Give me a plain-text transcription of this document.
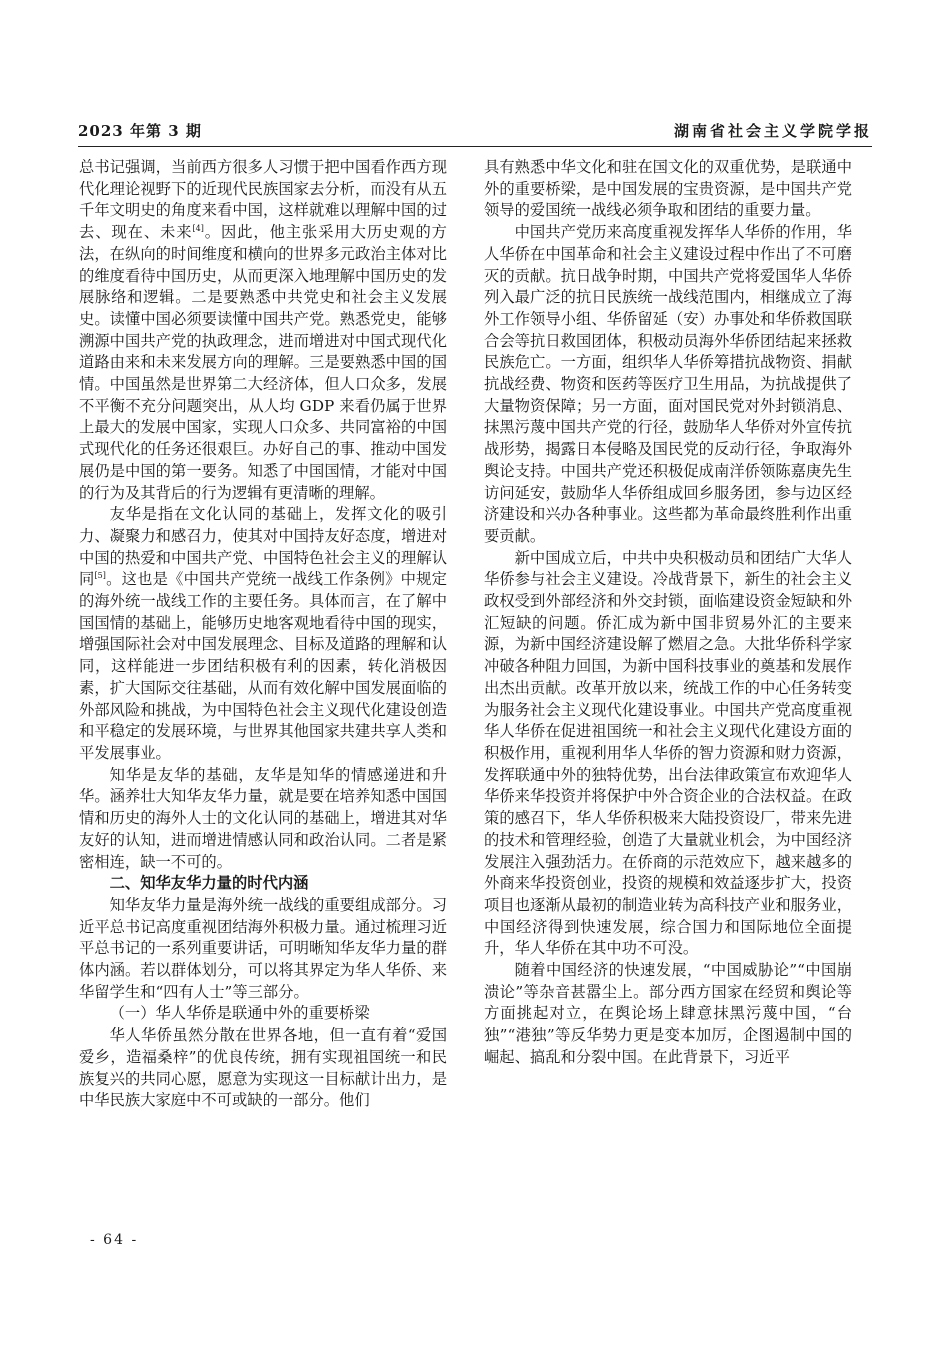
2023 年第 3 期	湖南省社会主义学院学报

总书记强调，当前西方很多人习惯于把中国看作西方现代化理论视野下的近现代民族国家去分析，而没有从五千年文明史的角度来看中国，这样就难以理解中国的过去、现在、未来[4]。因此，他主张采用大历史观的方法，在纵向的时间维度和横向的世界多元政治主体对比的维度看待中国历史，从而更深入地理解中国历史的发展脉络和逻辑。二是要熟悉中共党史和社会主义发展史。读懂中国必须要读懂中国共产党。熟悉党史，能够溯源中国共产党的执政理念，进而增进对中国式现代化道路由来和未来发展方向的理解。三是要熟悉中国的国情。中国虽然是世界第二大经济体，但人口众多，发展不平衡不充分问题突出，从人均 GDP 来看仍属于世界上最大的发展中国家，实现人口众多、共同富裕的中国式现代化的任务还很艰巨。办好自己的事、推动中国发展仍是中国的第一要务。知悉了中国国情，才能对中国的行为及其背后的行为逻辑有更清晰的理解。

友华是指在文化认同的基础上，发挥文化的吸引力、凝聚力和感召力，使其对中国持友好态度，增进对中国的热爱和中国共产党、中国特色社会主义的理解认同[5]。这也是《中国共产党统一战线工作条例》中规定的海外统一战线工作的主要任务。具体而言，在了解中国国情的基础上，能够历史地客观地看待中国的现实，增强国际社会对中国发展理念、目标及道路的理解和认同，这样能进一步团结积极有利的因素，转化消极因素，扩大国际交往基础，从而有效化解中国发展面临的外部风险和挑战，为中国特色社会主义现代化建设创造和平稳定的发展环境，与世界其他国家共建共享人类和平发展事业。

知华是友华的基础，友华是知华的情感递进和升华。涵养壮大知华友华力量，就是要在培养知悉中国国情和历史的海外人士的文化认同的基础上，增进其对华友好的认知，进而增进情感认同和政治认同。二者是紧密相连，缺一不可的。

二、知华友华力量的时代内涵

知华友华力量是海外统一战线的重要组成部分。习近平总书记高度重视团结海外积极力量。通过梳理习近平总书记的一系列重要讲话，可明晰知华友华力量的群体内涵。若以群体划分，可以将其界定为华人华侨、来华留学生和“四有人士”等三部分。

（一）华人华侨是联通中外的重要桥梁

华人华侨虽然分散在世界各地，但一直有着“爱国爱乡，造福桑梓”的优良传统，拥有实现祖国统一和民族复兴的共同心愿，愿意为实现这一目标献计出力，是中华民族大家庭中不可或缺的一部分。他们

具有熟悉中华文化和驻在国文化的双重优势，是联通中外的重要桥梁，是中国发展的宝贵资源，是中国共产党领导的爱国统一战线必须争取和团结的重要力量。

中国共产党历来高度重视发挥华人华侨的作用，华人华侨在中国革命和社会主义建设过程中作出了不可磨灭的贡献。抗日战争时期，中国共产党将爱国华人华侨列入最广泛的抗日民族统一战线范围内，相继成立了海外工作领导小组、华侨留延（安）办事处和华侨救国联合会等抗日救国团体，积极动员海外华侨团结起来拯救民族危亡。一方面，组织华人华侨筹措抗战物资、捐献抗战经费、物资和医药等医疗卫生用品，为抗战提供了大量物资保障；另一方面，面对国民党对外封锁消息、抹黑污蔑中国共产党的行径，鼓励华人华侨对外宣传抗战形势，揭露日本侵略及国民党的反动行径，争取海外舆论支持。中国共产党还积极促成南洋侨领陈嘉庚先生访问延安，鼓励华人华侨组成回乡服务团，参与边区经济建设和兴办各种事业。这些都为革命最终胜利作出重要贡献。

新中国成立后，中共中央积极动员和团结广大华人华侨参与社会主义建设。冷战背景下，新生的社会主义政权受到外部经济和外交封锁，面临建设资金短缺和外汇短缺的问题。侨汇成为新中国非贸易外汇的主要来源，为新中国经济建设解了燃眉之急。大批华侨科学家冲破各种阻力回国，为新中国科技事业的奠基和发展作出杰出贡献。改革开放以来，统战工作的中心任务转变为服务社会主义现代化建设事业。中国共产党高度重视华人华侨在促进祖国统一和社会主义现代化建设方面的积极作用，重视利用华人华侨的智力资源和财力资源，发挥联通中外的独特优势，出台法律政策宣布欢迎华人华侨来华投资并将保护中外合资企业的合法权益。在政策的感召下，华人华侨积极来大陆投资设厂，带来先进的技术和管理经验，创造了大量就业机会，为中国经济发展注入强劲活力。在侨商的示范效应下，越来越多的外商来华投资创业，投资的规模和效益逐步扩大，投资项目也逐渐从最初的制造业转为高科技产业和服务业，中国经济得到快速发展，综合国力和国际地位全面提升，华人华侨在其中功不可没。

随着中国经济的快速发展，“中国威胁论”“中国崩溃论”等杂音甚嚣尘上。部分西方国家在经贸和舆论等方面挑起对立，在舆论场上肆意抹黑污蔑中国，“台独”“港独”等反华势力更是变本加厉，企图遏制中国的崛起、搞乱和分裂中国。在此背景下，习近平

- 64 -
